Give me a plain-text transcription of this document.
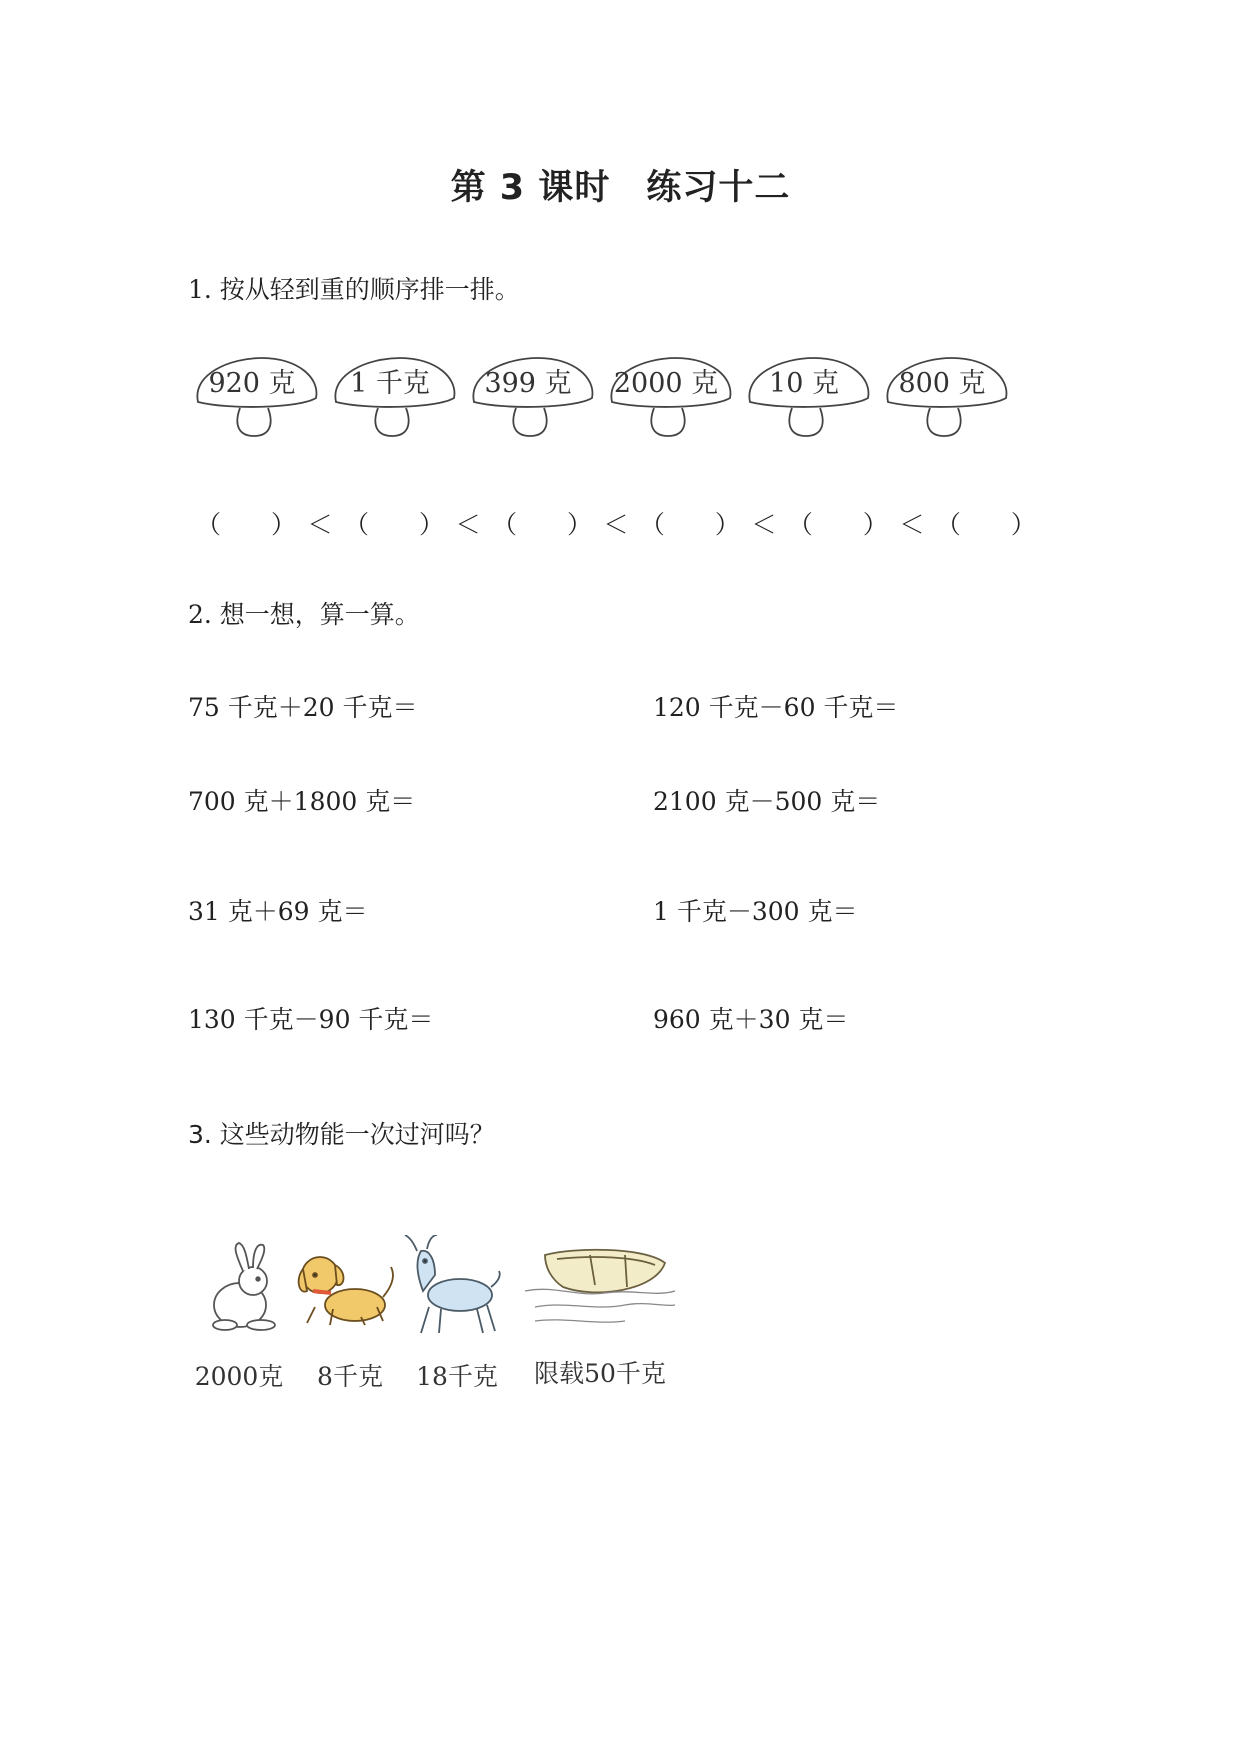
第 3 课时　练习十二
1. 按从轻到重的顺序排一排。
920 克 1 千克 399 克 2000 克 10 克 800 克
（　　） ＜ （　　） ＜ （　　） ＜ （　　） ＜ （　　） ＜ （　　）
2. 想一想，算一算。
75 千克＋20 千克＝	120 千克－60 千克＝
700 克＋1800 克＝	2100 克－500 克＝
31 克＋69 克＝	1 千克－300 克＝
130 千克－90 千克＝	960 克＋30 克＝
3. 这些动物能一次过河吗？
2000克 8千克 18千克 限载50千克
